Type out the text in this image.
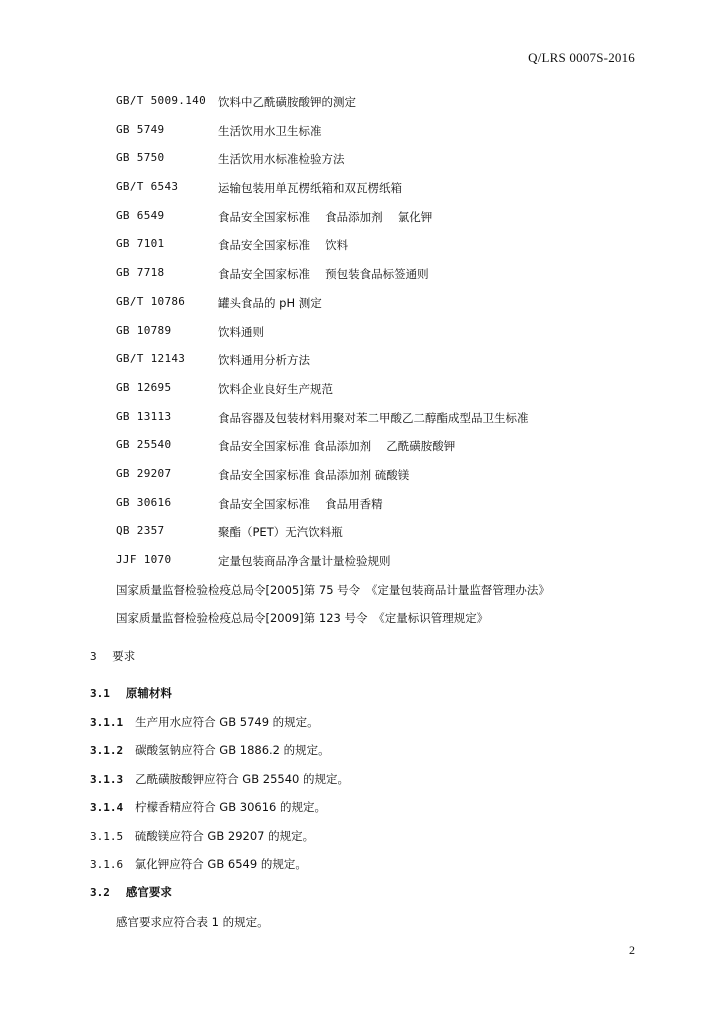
Q/LRS 0007S-2016
GB/T 5009.140 饮料中乙酰磺胺酸钾的测定
GB 5749	生活饮用水卫生标准
GB 5750	生活饮用水标准检验方法
GB/T 6543	运输包装用单瓦楞纸箱和双瓦楞纸箱
GB 6549	食品安全国家标准　 食品添加剂　 氯化钾
GB 7101	食品安全国家标准　 饮料
GB 7718	食品安全国家标准　 预包装食品标签通则
GB/T 10786	罐头食品的 pH 测定
GB 10789	饮料通则
GB/T 12143	饮料通用分析方法
GB 12695	饮料企业良好生产规范
GB 13113	食品容器及包装材料用聚对苯二甲酸乙二醇酯成型品卫生标准
GB 25540	食品安全国家标准 食品添加剂　 乙酰磺胺酸钾
GB 29207	食品安全国家标准 食品添加剂 硫酸镁
GB 30616	食品安全国家标准　 食品用香精
QB 2357	聚酯（PET）无汽饮料瓶
JJF 1070	定量包装商品净含量计量检验规则
国家质量监督检验检疫总局令[2005]第 75 号令　《定量包装商品计量监督管理办法》
国家质量监督检验检疫总局令[2009]第 123 号令　《定量标识管理规定》
3 要求
3.1 原辅材料
3.1.1 生产用水应符合 GB 5749 的规定。
3.1.2 碳酸氢钠应符合 GB 1886.2 的规定。
3.1.3 乙酰磺胺酸钾应符合 GB 25540 的规定。
3.1.4 柠檬香精应符合 GB 30616 的规定。
3.1.5 硫酸镁应符合 GB 29207 的规定。
3.1.6 氯化钾应符合 GB 6549 的规定。
3.2 感官要求
感官要求应符合表 1 的规定。
2
